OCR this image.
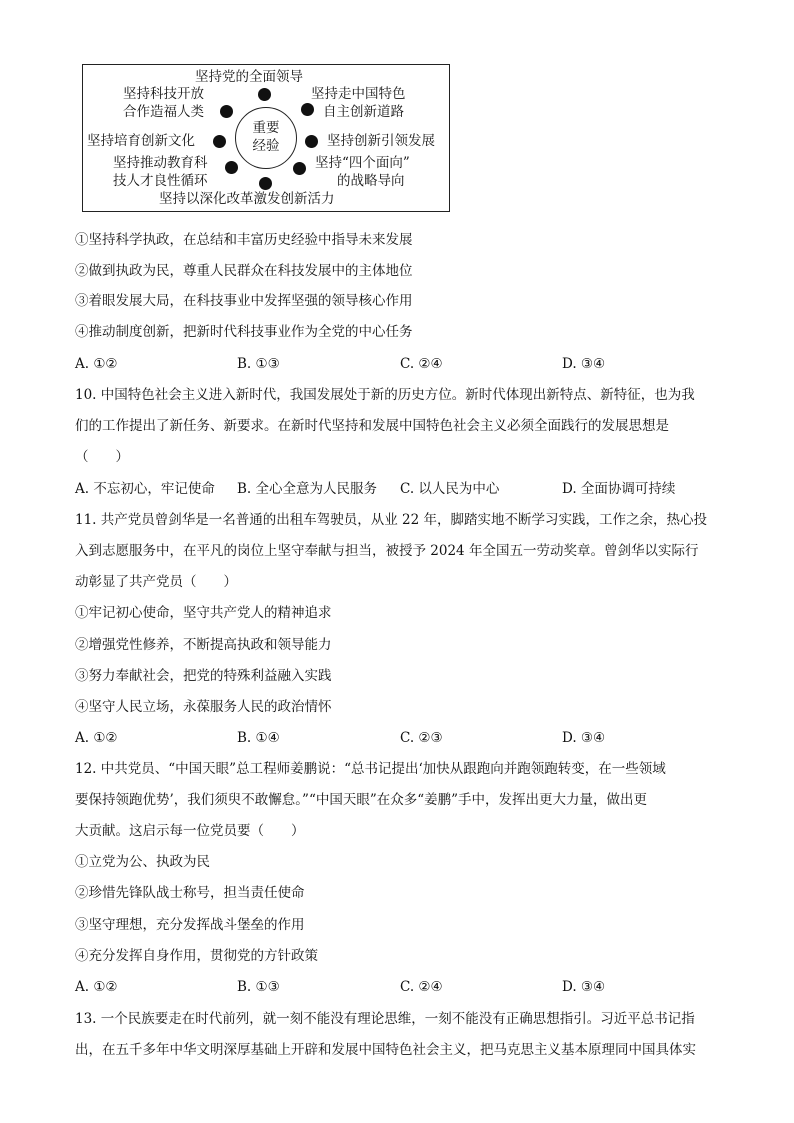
坚持党的全面领导
坚持科技开放
合作造福人类
坚持走中国特色
自主创新道路
坚持培育创新文化	坚持创新引领发展
坚持推动教育科
技人才良性循环
坚持“四个面向”
的战略导向
坚持以深化改革激发创新活力
重要
经验
①坚持科学执政，在总结和丰富历史经验中指导未来发展
②做到执政为民，尊重人民群众在科技发展中的主体地位
③着眼发展大局，在科技事业中发挥坚强的领导核心作用
④推动制度创新，把新时代科技事业作为全党的中心任务
A. ①②	B. ①③	C. ②④	D. ③④
10. 中国特色社会主义进入新时代，我国发展处于新的历史方位。新时代体现出新特点、新特征，也为我
们的工作提出了新任务、新要求。在新时代坚持和发展中国特色社会主义必须全面践行的发展思想是
（　　）
A. 不忘初心，牢记使命 B. 全心全意为人民服务 C. 以人民为中心	D. 全面协调可持续
11. 共产党员曾剑华是一名普通的出租车驾驶员，从业 22 年，脚踏实地不断学习实践，工作之余，热心投
入到志愿服务中，在平凡的岗位上坚守奉献与担当，被授予 2024 年全国五一劳动奖章。曾剑华以实际行
动彰显了共产党员（　　）
①牢记初心使命，坚守共产党人的精神追求
②增强党性修养，不断提高执政和领导能力
③努力奉献社会，把党的特殊利益融入实践
④坚守人民立场，永葆服务人民的政治情怀
A. ①②	B. ①④	C. ②③	D. ③④
12. 中共党员、“中国天眼”总工程师姜鹏说：“总书记提出‘加快从跟跑向并跑领跑转变，在一些领域
要保持领跑优势’，我们须臾不敢懈怠。”“中国天眼”在众多“姜鹏”手中，发挥出更大力量，做出更
大贡献。这启示每一位党员要（　　）
①立党为公、执政为民
②珍惜先锋队战士称号，担当责任使命
③坚守理想，充分发挥战斗堡垒的作用
④充分发挥自身作用，贯彻党的方针政策
A. ①②	B. ①③	C. ②④	D. ③④
13. 一个民族要走在时代前列，就一刻不能没有理论思维，一刻不能没有正确思想指引。习近平总书记指
出，在五千多年中华文明深厚基础上开辟和发展中国特色社会主义，把马克思主义基本原理同中国具体实
